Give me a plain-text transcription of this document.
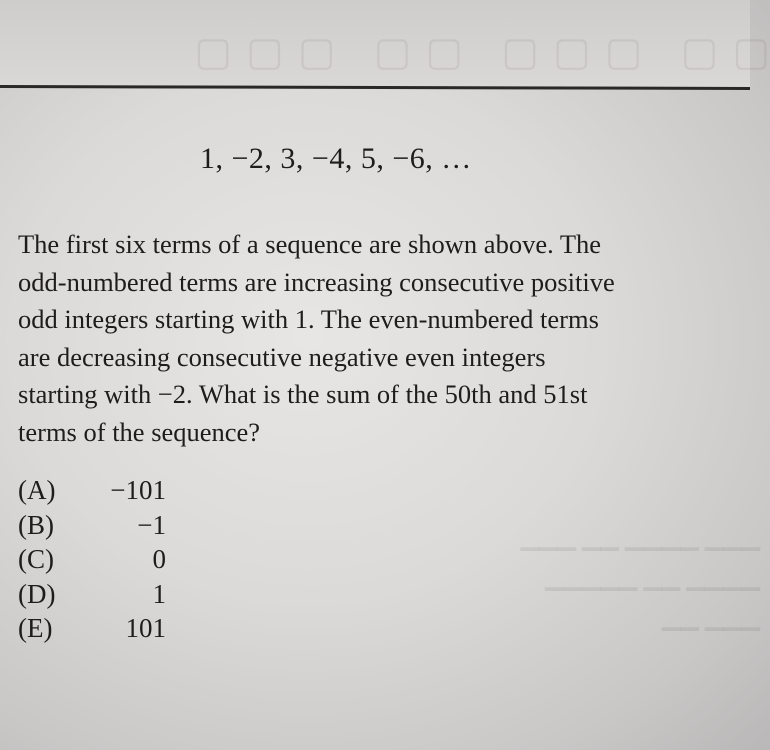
▢▢ ▢▢▢ ▢▢ ▢▢▢
1, −2, 3, −4, 5, −6, …
The first six terms of a sequence are shown above. The
odd-numbered terms are increasing consecutive positive
odd integers starting with 1. The even-numbered terms
are decreasing consecutive negative even integers
starting with −2. What is the sum of the 50th and 51st
terms of the sequence?
(A) −101
(B)	−1
(C)	0
(D)	1
(E)	101
▁▁▁ ▁▁▁▁ ▁▁ ▁▁▁
▁▁▁▁ ▁▁ ▁▁▁▁▁
▁▁▁ ▁▁
